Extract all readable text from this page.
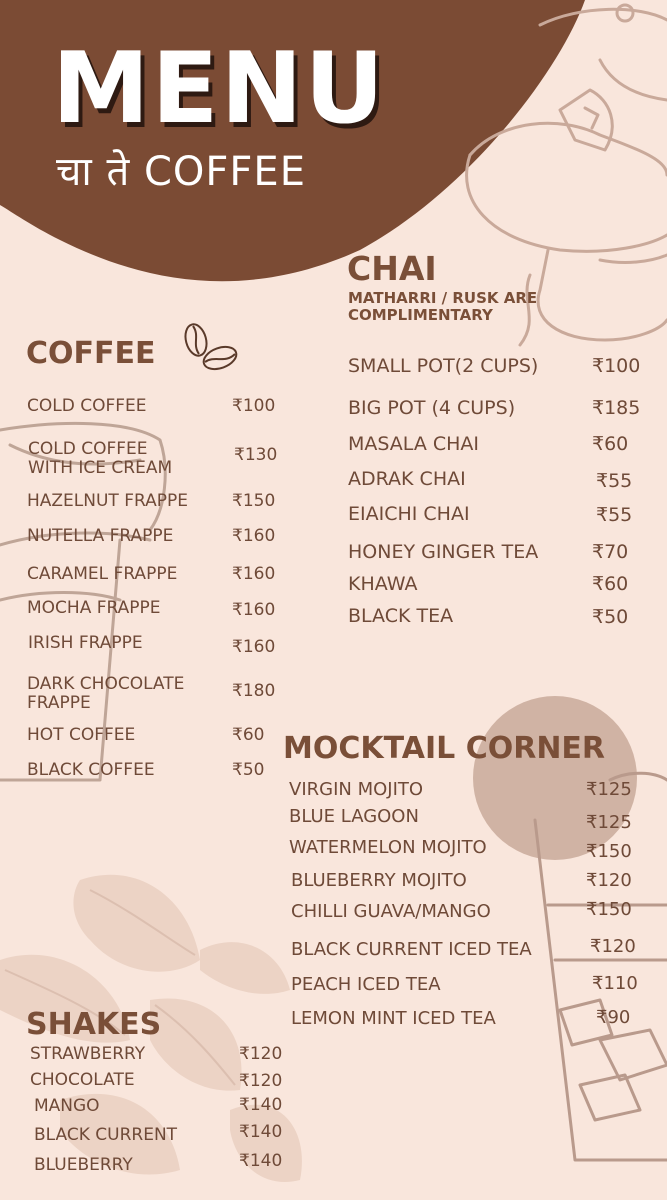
MENU
चा ते COFFEE
COFFEE
COLD COFFEE	₹100
COLD COFFEE
WITH ICE CREAM
₹130
HAZELNUT FRAPPE	₹150
NUTELLA FRAPPE	₹160
CARAMEL FRAPPE	₹160
MOCHA FRAPPE	₹160
IRISH FRAPPE	₹160
DARK CHOCOLATE
FRAPPE
₹180
HOT COFFEE	₹60
BLACK COFFEE	₹50
CHAI
MATHARRI / RUSK ARE
COMPLIMENTARY
SMALL POT(2 CUPS)	₹100
BIG POT (4 CUPS)	₹185
MASALA CHAI	₹60
ADRAK CHAI	₹55
EIAICHI CHAI	₹55
HONEY GINGER TEA	₹70
KHAWA	₹60
BLACK TEA	₹50
MOCKTAIL CORNER
VIRGIN MOJITO	₹125
BLUE LAGOON	₹125
WATERMELON MOJITO	₹150
BLUEBERRY MOJITO	₹120
CHILLI GUAVA/MANGO	₹150
BLACK CURRENT ICED TEA	₹120
PEACH ICED TEA	₹110
LEMON MINT ICED TEA	₹90
SHAKES
STRAWBERRY	₹120
CHOCOLATE	₹120
MANGO	₹140
BLACK CURRENT	₹140
BLUEBERRY	₹140
